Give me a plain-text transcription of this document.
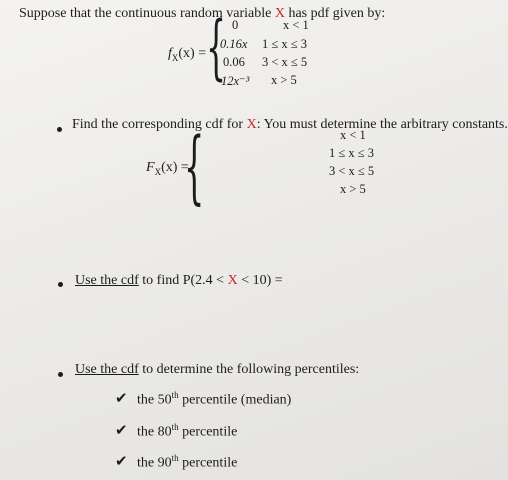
Suppose that the continuous random variable X has pdf given by:
$f_X(x)$ = { 0	x < 1
0.16x 1 ≤ x ≤ 3
0.06 3 < x ≤ 5
12x⁻³ x > 5
Find the corresponding cdf for X: You must determine the arbitrary constants.
$F_X(x)$ =
{	x < 1
1 ≤ x ≤ 3
3 < x ≤ 5
x > 5
Use the cdf to find P(2.4 < X < 10) =
Use the cdf to determine the following percentiles:
✔ the 50th percentile (median)
✔ the 80th percentile
✔ the 90th percentile
